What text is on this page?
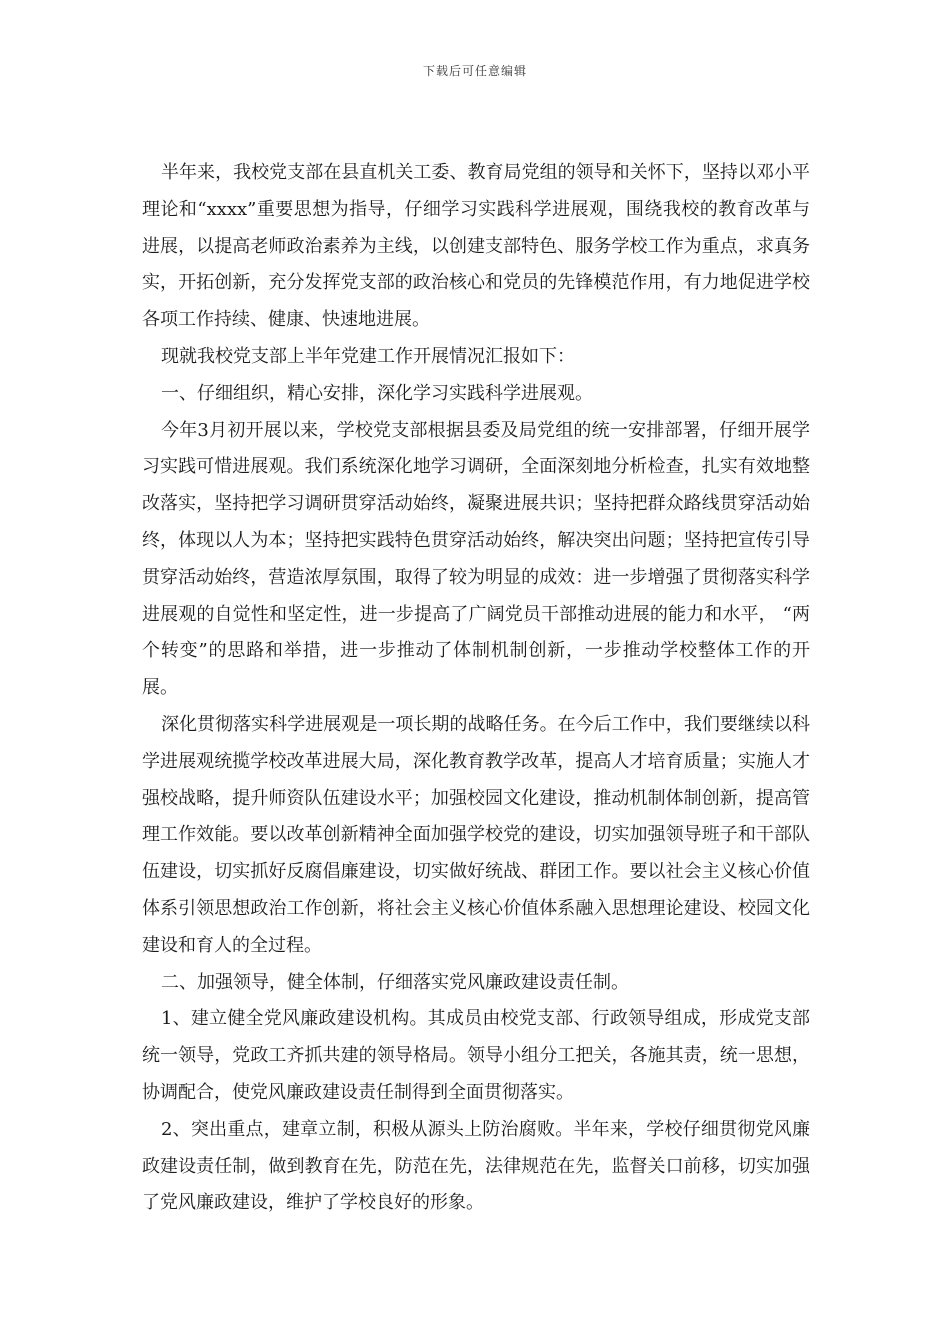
下载后可任意编辑

半年来，我校党支部在县直机关工委、教育局党组的领导和关怀下，坚持以邓小平理论和“xxxx”重要思想为指导，仔细学习实践科学进展观，围绕我校的教育改革与进展，以提高老师政治素养为主线，以创建支部特色、服务学校工作为重点，求真务实，开拓创新，充分发挥党支部的政治核心和党员的先锋模范作用，有力地促进学校各项工作持续、健康、快速地进展。

现就我校党支部上半年党建工作开展情况汇报如下：

一、仔细组织，精心安排，深化学习实践科学进展观。

今年3月初开展以来，学校党支部根据县委及局党组的统一安排部署，仔细开展学习实践可惜进展观。我们系统深化地学习调研，全面深刻地分析检查，扎实有效地整改落实，坚持把学习调研贯穿活动始终，凝聚进展共识；坚持把群众路线贯穿活动始终，体现以人为本；坚持把实践特色贯穿活动始终，解决突出问题；坚持把宣传引导贯穿活动始终，营造浓厚氛围，取得了较为明显的成效：进一步增强了贯彻落实科学进展观的自觉性和坚定性，进一步提高了广阔党员干部推动进展的能力和水平， “两个转变”的思路和举措，进一步推动了体制机制创新，一步推动学校整体工作的开展。

深化贯彻落实科学进展观是一项长期的战略任务。在今后工作中，我们要继续以科学进展观统揽学校改革进展大局，深化教育教学改革，提高人才培育质量；实施人才强校战略，提升师资队伍建设水平；加强校园文化建设，推动机制体制创新，提高管理工作效能。要以改革创新精神全面加强学校党的建设，切实加强领导班子和干部队伍建设，切实抓好反腐倡廉建设，切实做好统战、群团工作。要以社会主义核心价值体系引领思想政治工作创新，将社会主义核心价值体系融入思想理论建设、校园文化建设和育人的全过程。

二、加强领导，健全体制，仔细落实党风廉政建设责任制。

1、建立健全党风廉政建设机构。其成员由校党支部、行政领导组成，形成党支部统一领导，党政工齐抓共建的领导格局。领导小组分工把关，各施其责，统一思想，协调配合，使党风廉政建设责任制得到全面贯彻落实。

2、突出重点，建章立制，积极从源头上防治腐败。半年来，学校仔细贯彻党风廉政建设责任制，做到教育在先，防范在先，法律规范在先，监督关口前移，切实加强了党风廉政建设，维护了学校良好的形象。
